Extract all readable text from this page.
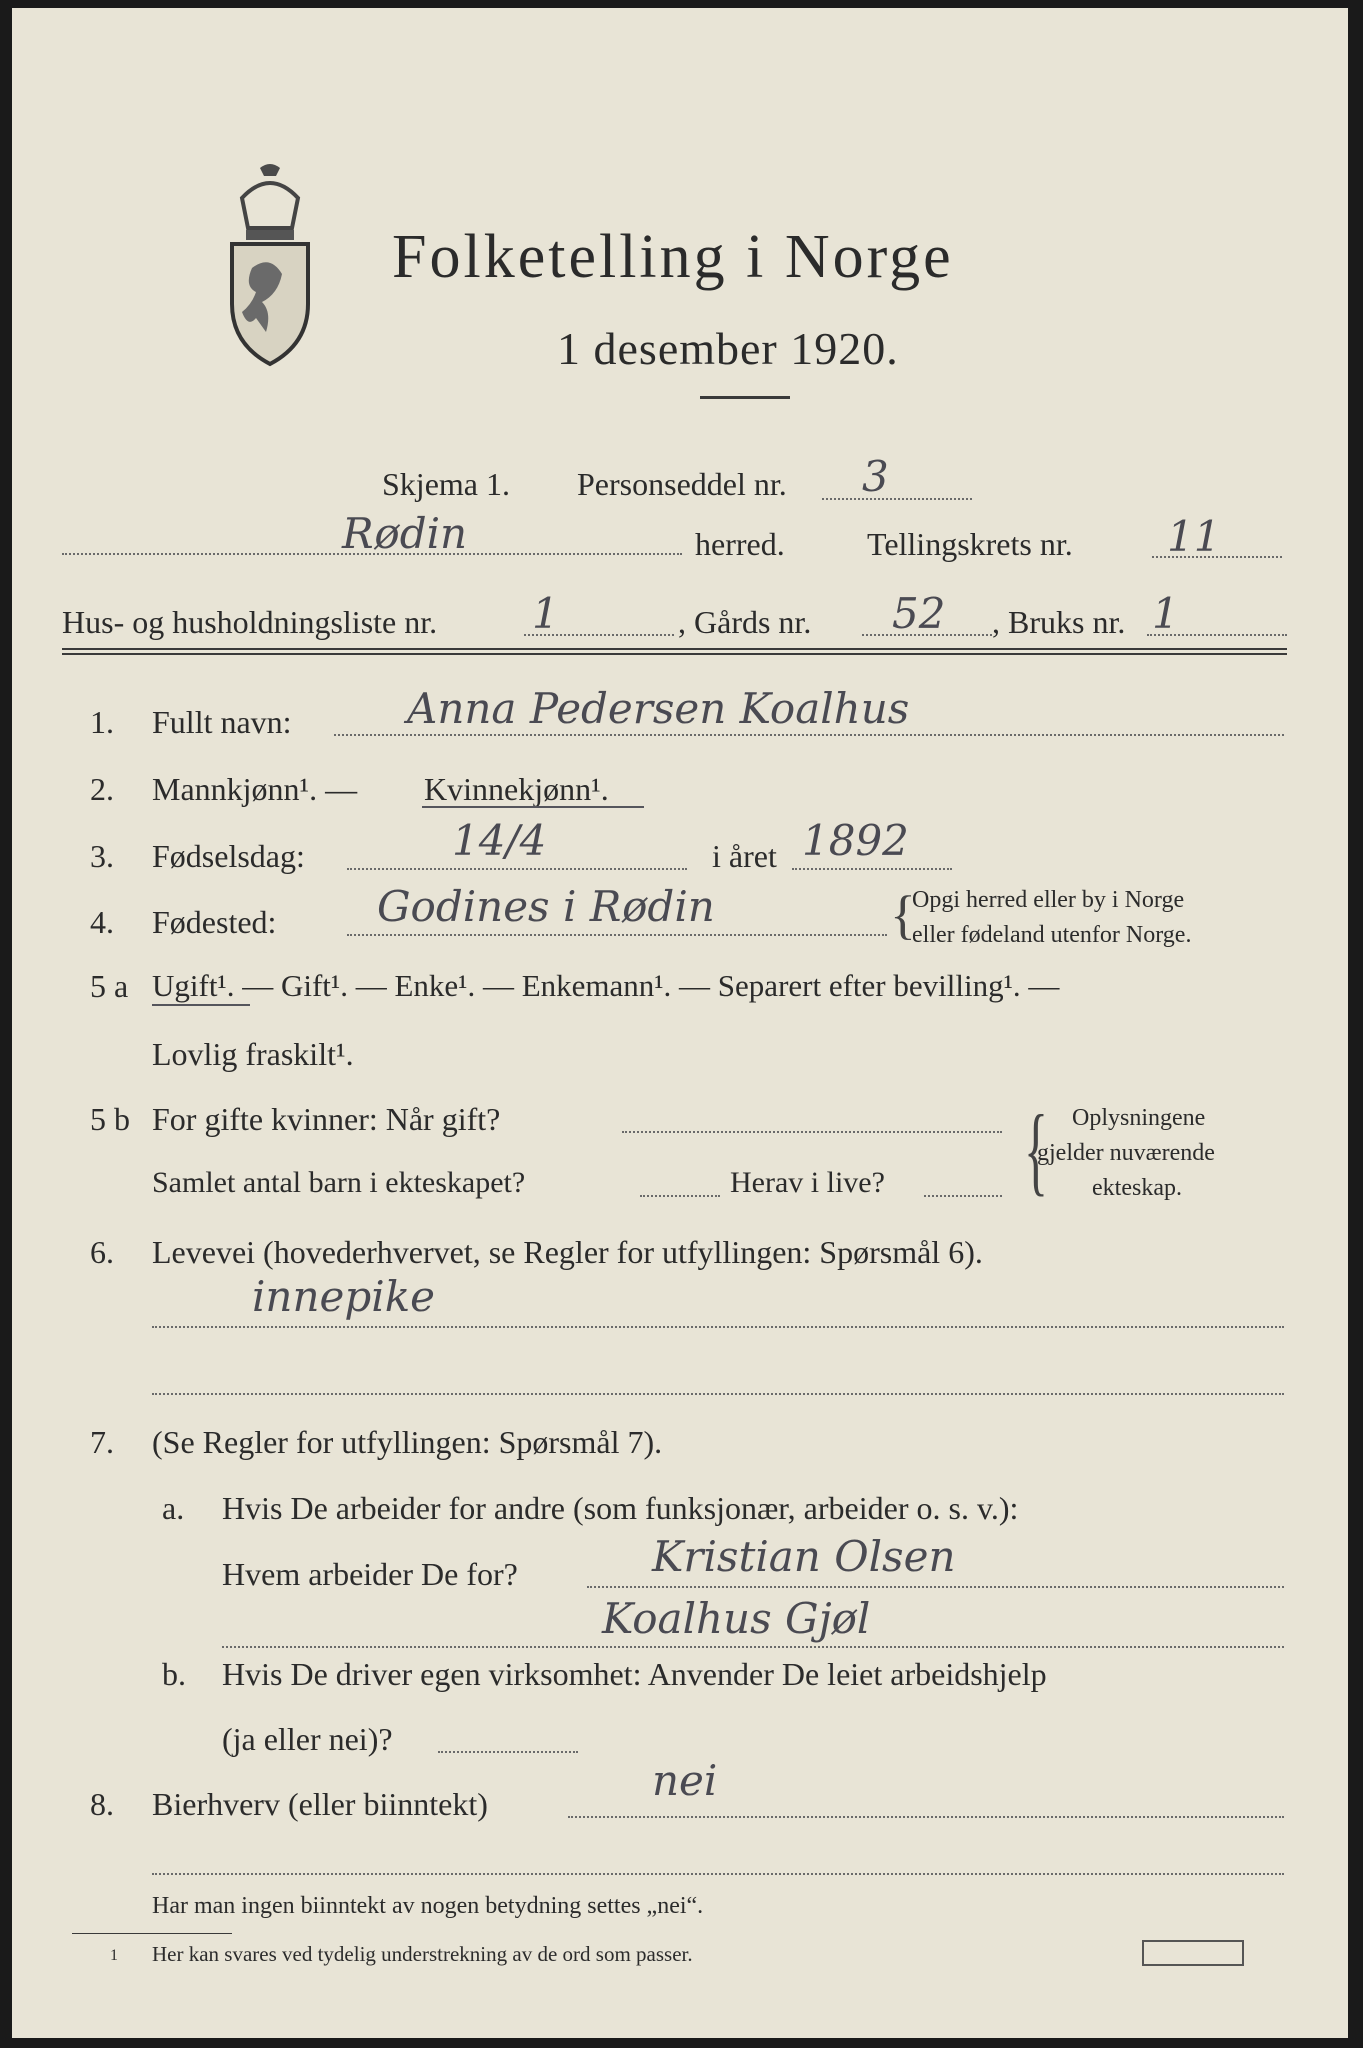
Folketelling i Norge
1 desember 1920.
Skjema 1. Personseddel nr. 3
Rødin	herred.	Tellingskrets nr. 11
Hus- og husholdningsliste nr. 1	, Gårds nr. 52 , Bruks nr. 1
1. Fullt navn:	Anna Pedersen Koalhus
2. Mannkjønn¹. — Kvinnekjønn¹.
3. Fødselsdag:	14/4	i året 1892
4. Fødested: Godines i Rødin	{
Opgi herred eller by i Norge
eller fødeland utenfor Norge.
5 a Ugift¹. — Gift¹. — Enke¹. — Enkemann¹. — Separert efter bevilling¹. —
Lovlig fraskilt¹.
5 b For gifte kvinner: Når gift?
Samlet antal barn i ekteskapet?	Herav i live? { Oplysningene
gjelder nuværende
ekteskap.
6. Levevei (hovederhvervet, se Regler for utfyllingen: Spørsmål 6).
innepike
7. (Se Regler for utfyllingen: Spørsmål 7).
a. Hvis De arbeider for andre (som funksjonær, arbeider o. s. v.):
Hvem arbeider De for?	Kristian Olsen
Koalhus Gjøl
b. Hvis De driver egen virksomhet: Anvender De leiet arbeidshjelp
(ja eller nei)?
8. Bierhverv (eller biinntekt)	nei
Har man ingen biinntekt av nogen betydning settes „nei“.
1 Her kan svares ved tydelig understrekning av de ord som passer.
